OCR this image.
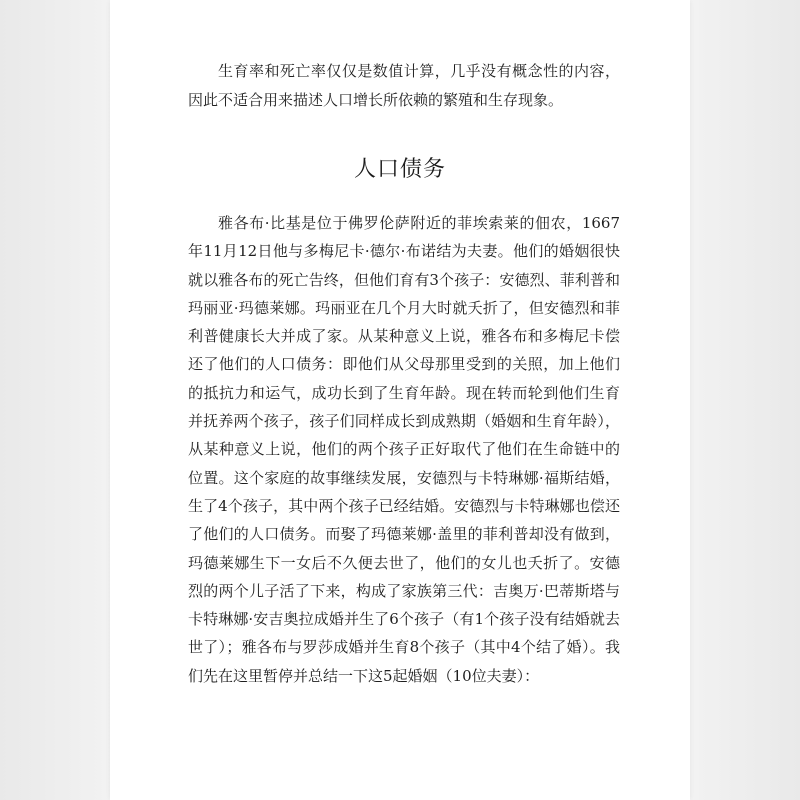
生育率和死亡率仅仅是数值计算，几乎没有概念性的内容，因此不适合用来描述人口增长所依赖的繁殖和生存现象。

人口债务

雅各布·比基是位于佛罗伦萨附近的菲埃索莱的佃农，1667年11月12日他与多梅尼卡·德尔·布诺结为夫妻。他们的婚姻很快就以雅各布的死亡告终，但他们育有3个孩子：安德烈、菲利普和玛丽亚·玛德莱娜。玛丽亚在几个月大时就夭折了，但安德烈和菲利普健康长大并成了家。从某种意义上说，雅各布和多梅尼卡偿还了他们的人口债务：即他们从父母那里受到的关照，加上他们的抵抗力和运气，成功长到了生育年龄。现在转而轮到他们生育并抚养两个孩子，孩子们同样成长到成熟期（婚姻和生育年龄），从某种意义上说，他们的两个孩子正好取代了他们在生命链中的位置。这个家庭的故事继续发展，安德烈与卡特琳娜·福斯结婚，生了4个孩子，其中两个孩子已经结婚。安德烈与卡特琳娜也偿还了他们的人口债务。而娶了玛德莱娜·盖里的菲利普却没有做到，玛德莱娜生下一女后不久便去世了，他们的女儿也夭折了。安德烈的两个儿子活了下来，构成了家族第三代：吉奥万·巴蒂斯塔与卡特琳娜·安吉奥拉成婚并生了6个孩子（有1个孩子没有结婚就去世了）；雅各布与罗莎成婚并生育8个孩子（其中4个结了婚）。我们先在这里暂停并总结一下这5起婚姻（10位夫妻）：
